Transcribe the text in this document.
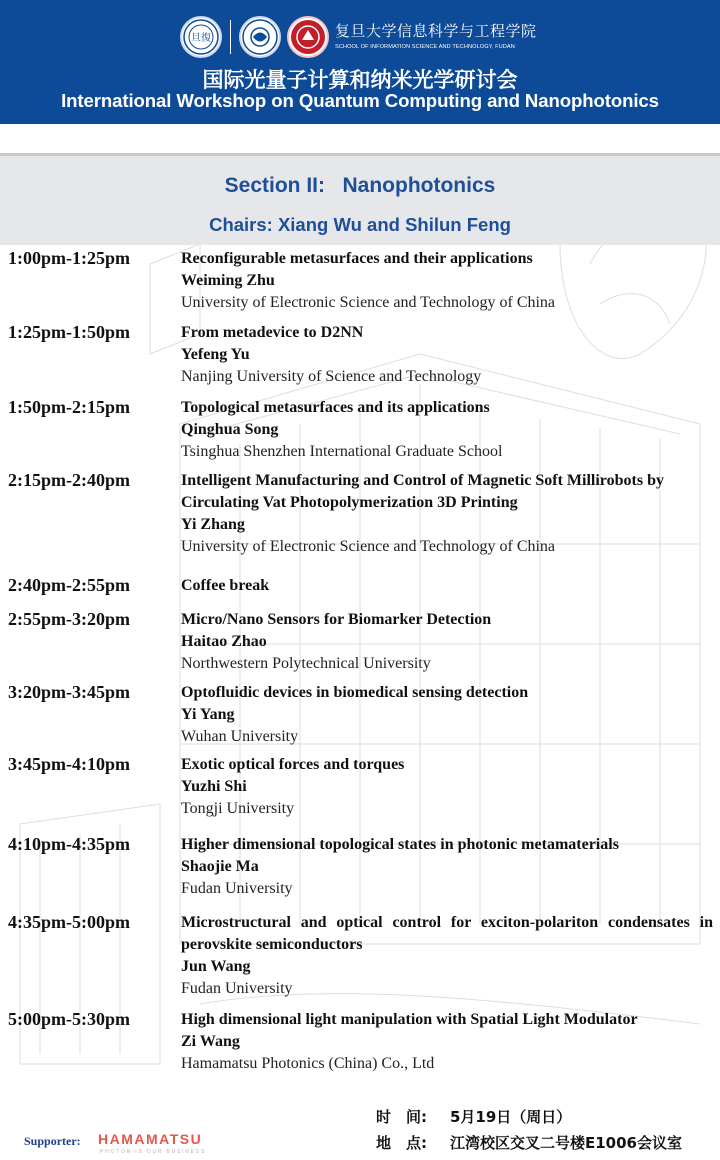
旦復	复旦大学信息科学与工程学院
SCHOOL OF INFORMATION SCIENCE AND TECHNOLOGY, FUDAN
国际光量子计算和纳米光学研讨会
International Workshop on Quantum Computing and Nanophotonics
Section II:   Nanophotonics
Chairs: Xiang Wu and Shilun Feng
1:00pm-1:25pm	Reconfigurable metasurfaces and their applications
Weiming Zhu
University of Electronic Science and Technology of China
1:25pm-1:50pm	From metadevice to D2NN
Yefeng Yu
Nanjing University of Science and Technology
1:50pm-2:15pm	Topological metasurfaces and its applications
Qinghua Song
Tsinghua Shenzhen International Graduate School
2:15pm-2:40pm	Intelligent Manufacturing and Control of Magnetic Soft Millirobots by Circulating Vat Photopolymerization 3D Printing
Yi Zhang
University of Electronic Science and Technology of China
2:40pm-2:55pm	Coffee break
2:55pm-3:20pm	Micro/Nano Sensors for Biomarker Detection
Haitao Zhao
Northwestern Polytechnical University
3:20pm-3:45pm	Optofluidic devices in biomedical sensing detection
Yi Yang
Wuhan University
3:45pm-4:10pm	Exotic optical forces and torques
Yuzhi Shi
Tongji University
4:10pm-4:35pm	Higher dimensional topological states in photonic metamaterials
Shaojie Ma
Fudan University
4:35pm-5:00pm	Microstructural and optical control for exciton-polariton condensates in perovskite semiconductors
Jun Wang
Fudan University
5:00pm-5:30pm	High dimensional light manipulation with Spatial Light Modulator
Zi Wang
Hamamatsu Photonics (China) Co., Ltd
Supporter: HAMAMATSU
PHOTON IS OUR BUSINESS
时　间: 5月19日（周日）
地　点: 江湾校区交叉二号楼E1006会议室
